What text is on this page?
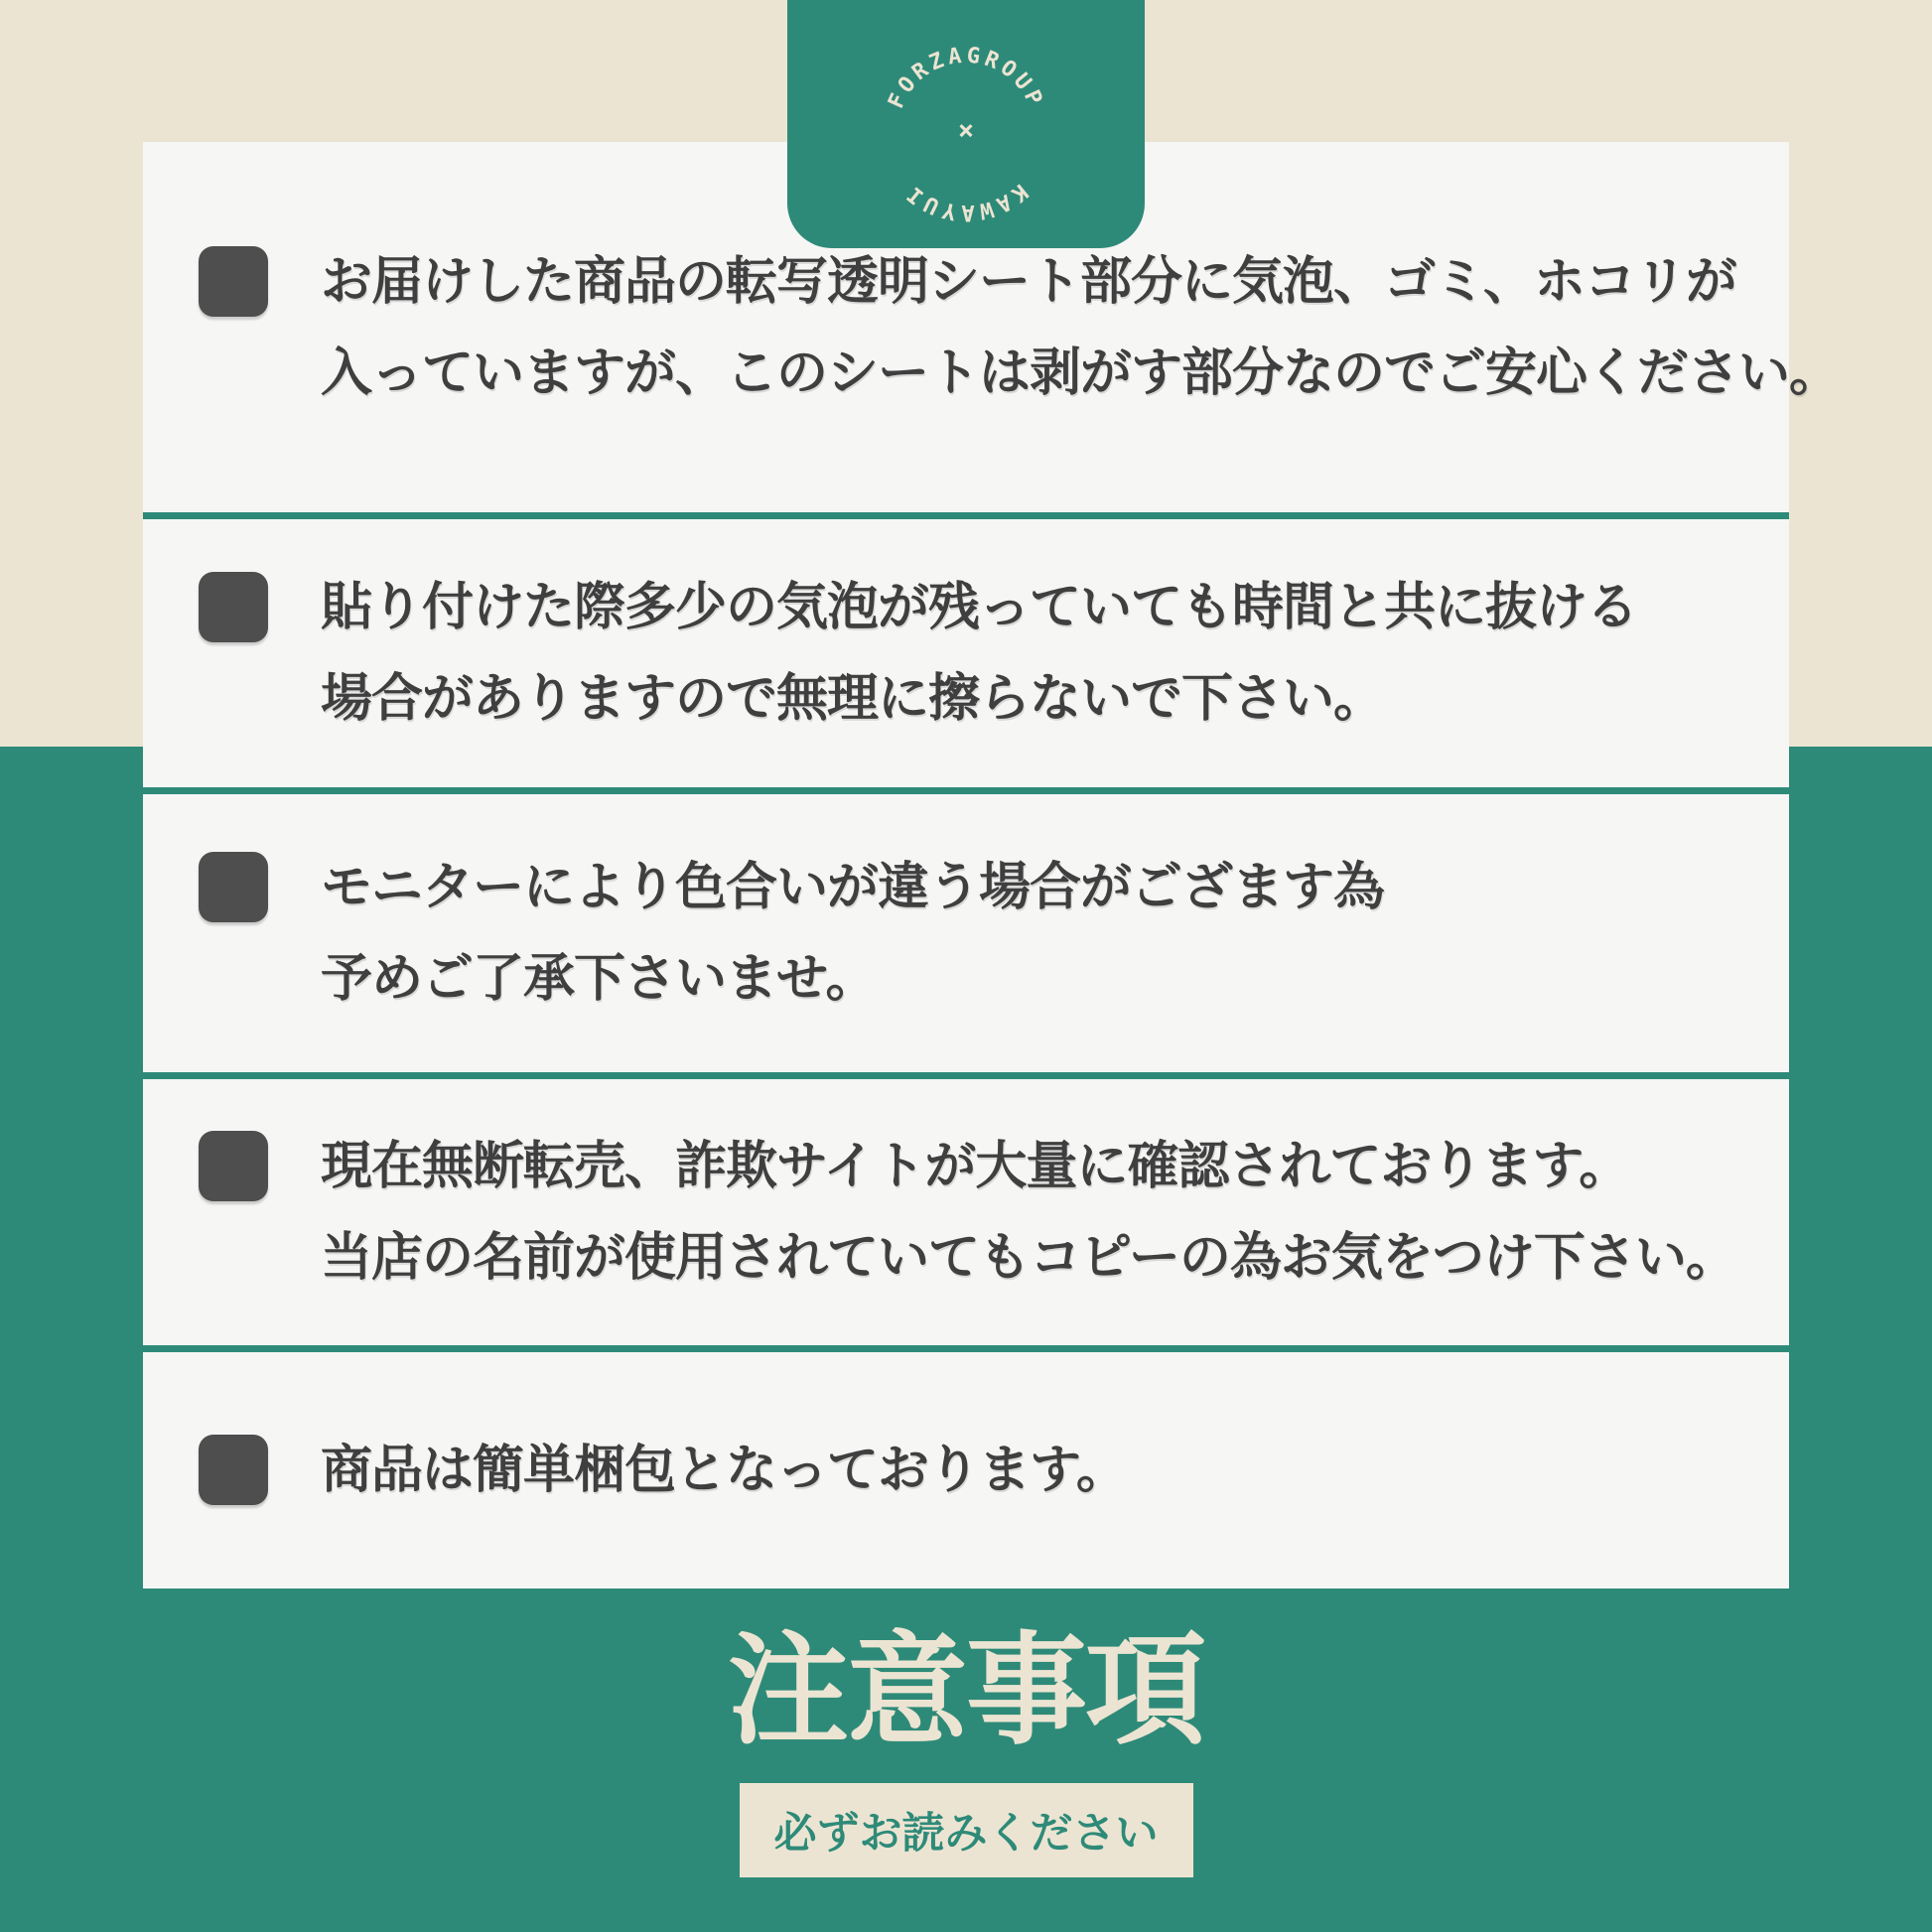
お届けした商品の転写透明シート部分に気泡、ゴミ、ホコリが
入っていますが、このシートは剥がす部分なのでご安心ください。
貼り付けた際多少の気泡が残っていても時間と共に抜ける
場合がありますので無理に擦らないで下さい。
モニターにより色合いが違う場合がござます為
予めご了承下さいませ。
現在無断転売、詐欺サイトが大量に確認されております。
当店の名前が使用されていてもコピーの為お気をつけ下さい。
商品は簡単梱包となっております。
FORZAGROUP
KAWAYUI
×
注意事項
必ずお読みください
